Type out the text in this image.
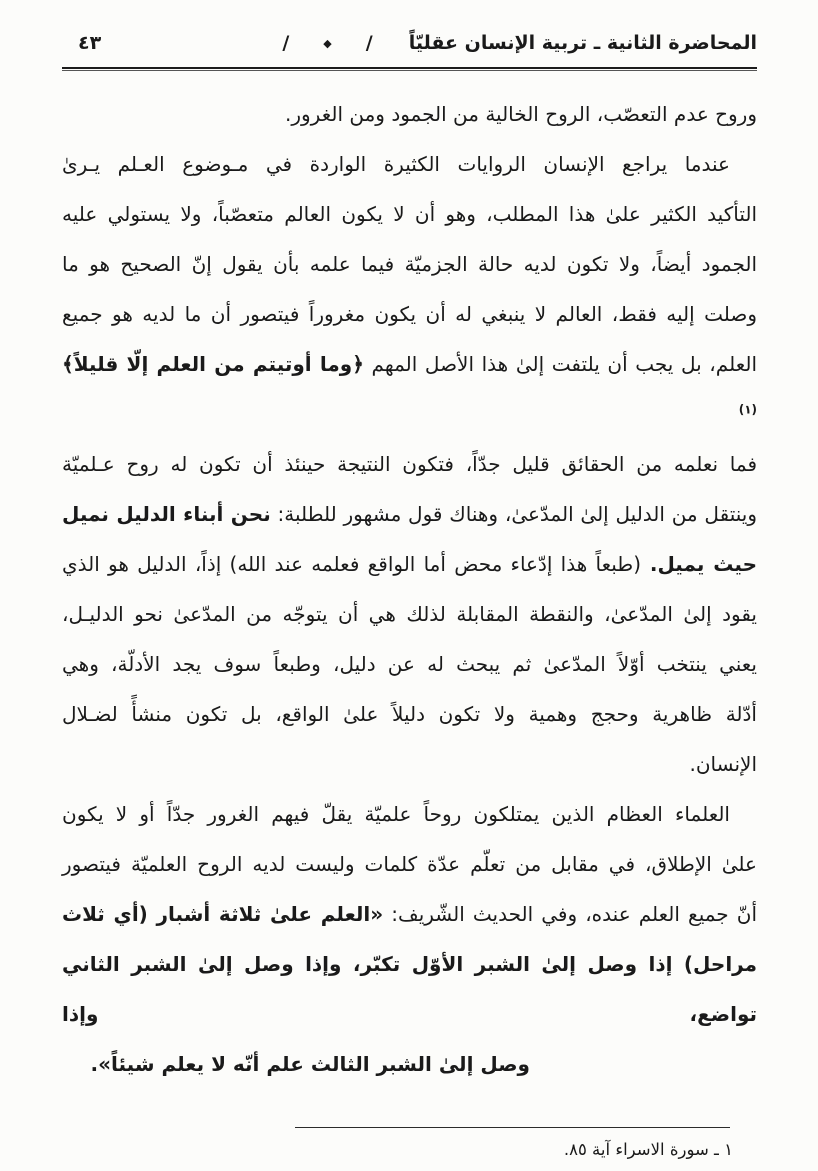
المحاضرة الثانية ـ تربية الإنسان عقليّاً
/
◆
/
٤٣
وروح عدم التعصّب، الروح الخالية من الجمود ومن الغرور.
عندما يراجع الإنسان الروايات الكثيرة الواردة في مـوضوع العـلم يـرىٰ
التأكيد الكثير علىٰ هذا المطلب، وهو أن لا يكون العالم متعصّباً، ولا يستولي عليه
الجمود أيضاً، ولا تكون لديه حالة الجزميّة فيما علمه بأن يقول إنّ الصحيح هو ما
وصلت إليه فقط، العالم لا ينبغي له أن يكون مغروراً فيتصور أن ما لديه هو جميع
العلم، بل يجب أن يلتفت إلىٰ هذا الأصل المهم ﴿وما أوتيتم من العلم إلّا قليلاً﴾$^{(١)}$
فما نعلمه من الحقائق قليل جدّاً، فتكون النتيجة حينئذ أن تكون له روح عـلميّة
وينتقل من الدليل إلىٰ المدّعىٰ، وهناك قول مشهور للطلبة: نحن أبناء الدليل نميل
حيث يميل. (طبعاً هذا إدّعاء محض أما الواقع فعلمه عند الله) إذاً، الدليل هو الذي
يقود إلىٰ المدّعىٰ، والنقطة المقابلة لذلك هي أن يتوجّه من المدّعىٰ نحو الدليـل،
يعني ينتخب أوّلاً المدّعىٰ ثم يبحث له عن دليل، وطبعاً سوف يجد الأدلّة، وهي
أدّلة ظاهرية وحجج وهمية ولا تكون دليلاً علىٰ الواقع، بل تكون منشأً لضـلال
الإنسان.
العلماء العظام الذين يمتلكون روحاً علميّة يقلّ فيهم الغرور جدّاً أو لا يكون
علىٰ الإطلاق، في مقابل من تعلّم عدّة كلمات وليست لديه الروح العلميّة فيتصور
أنّ جميع العلم عنده، وفي الحديث الشّريف: «العلم علىٰ ثلاثة أشبار (أي ثلاث
مراحل) إذا وصل إلىٰ الشبر الأوّل تكبّر، وإذا وصل إلىٰ الشبر الثاني تواضع، وإذا
وصل إلىٰ الشبر الثالث علم أنّه لا يعلم شيئاً».
١ ـ سورة الاسراء آية ٨٥.
